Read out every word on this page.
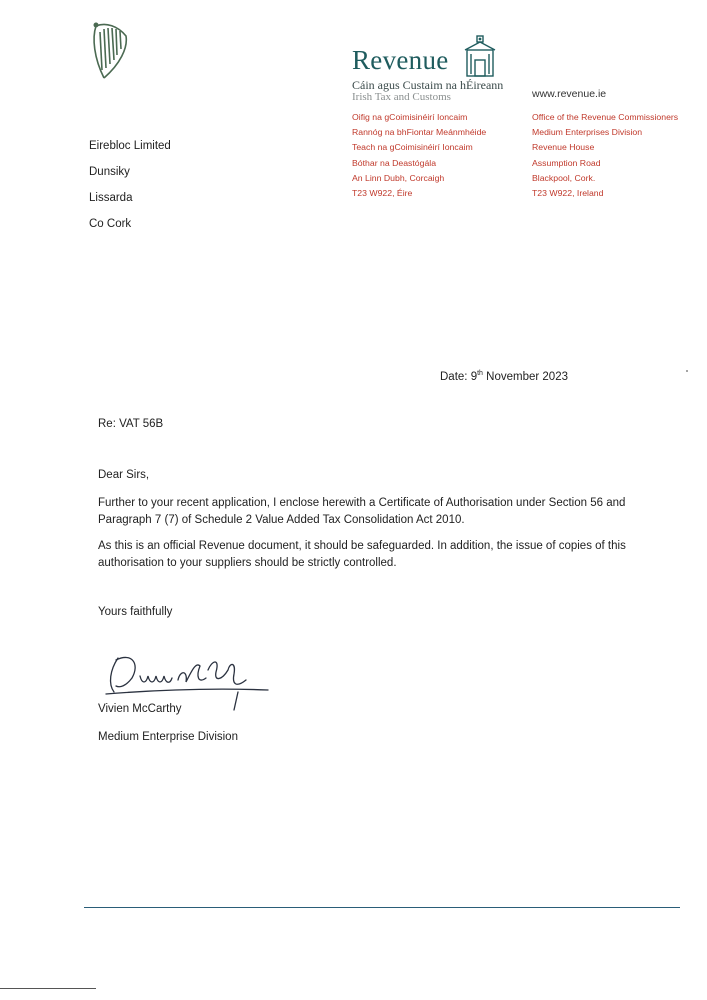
Revenue
Cáin agus Custaim na hÉireann
Irish Tax and Customs	www.revenue.ie
Oifig na gCoimisinéirí Ioncaim
Rannóg na bhFiontar Meánmhéide
Teach na gCoimisinéirí Ioncaim
Bóthar na Deastógála
An Linn Dubh, Corcaigh
T23 W922, Éire
Office of the Revenue Commissioners
Medium Enterprises Division
Revenue House
Assumption Road
Blackpool, Cork.
T23 W922, Ireland
Eirebloc Limited
Dunsiky
Lissarda
Co Cork
Date: 9th November 2023
Re: VAT 56B
Dear Sirs,
Further to your recent application, I enclose herewith a Certificate of Authorisation under Section 56 and Paragraph 7 (7) of Schedule 2 Value Added Tax Consolidation Act 2010.
As this is an official Revenue document, it should be safeguarded. In addition, the issue of copies of this authorisation to your suppliers should be strictly controlled.
Yours faithfully
Vivien McCarthy
Medium Enterprise Division
